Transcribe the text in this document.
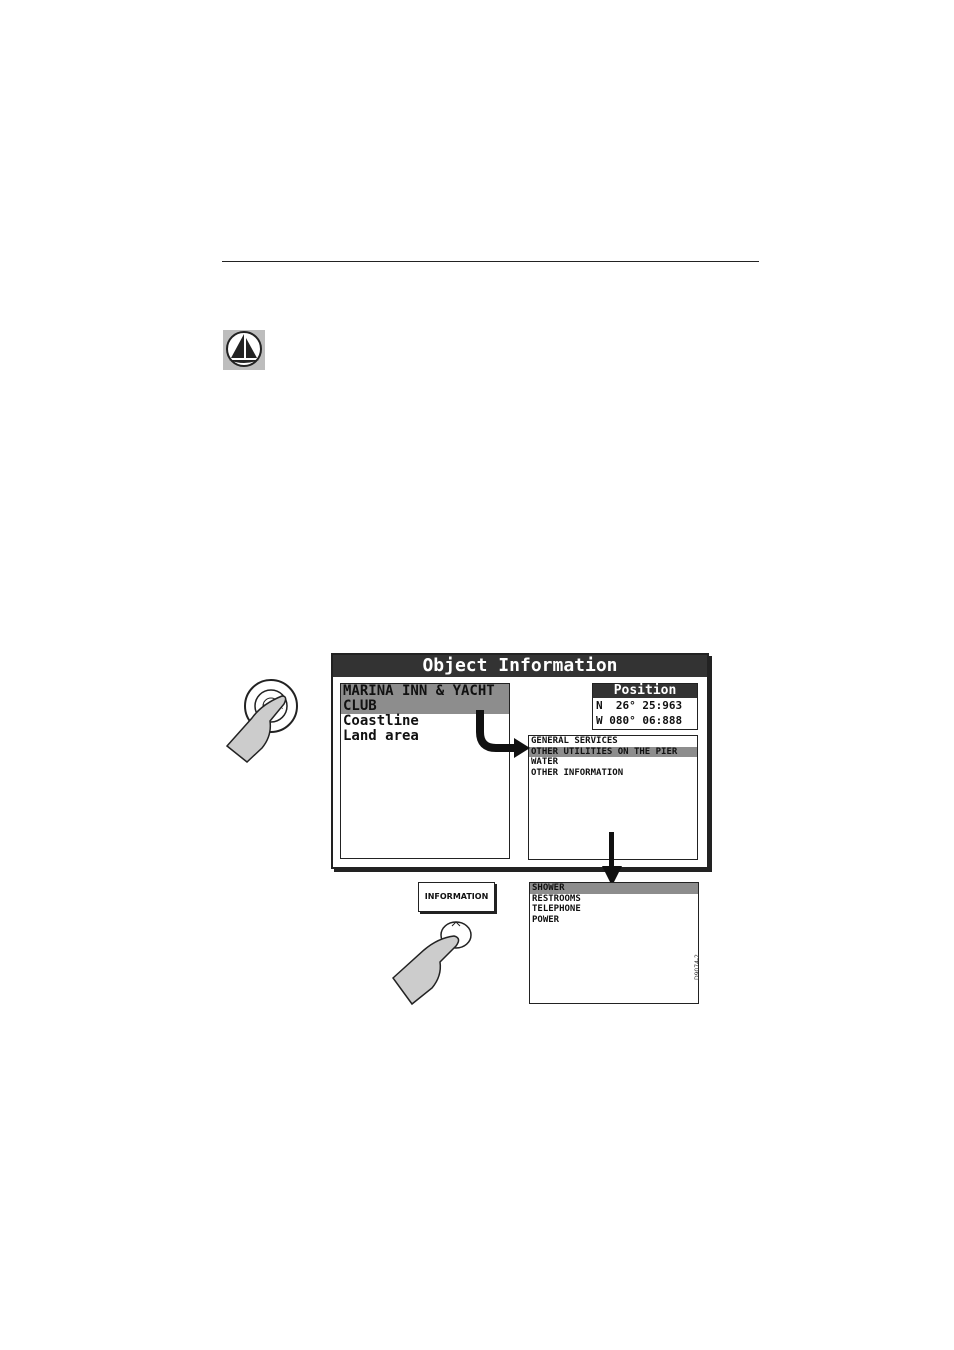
Object Information
MARINA INN & YACHT CLUB
Coastline
Land area
Position
N  26° 25:963
W 080° 06:888
GENERAL SERVICES
OTHER UTILITIES ON THE PIER
WATER
OTHER INFORMATION
INFORMATION
SHOWER
RESTROOMS
TELEPHONE
POWER
D9074-2
